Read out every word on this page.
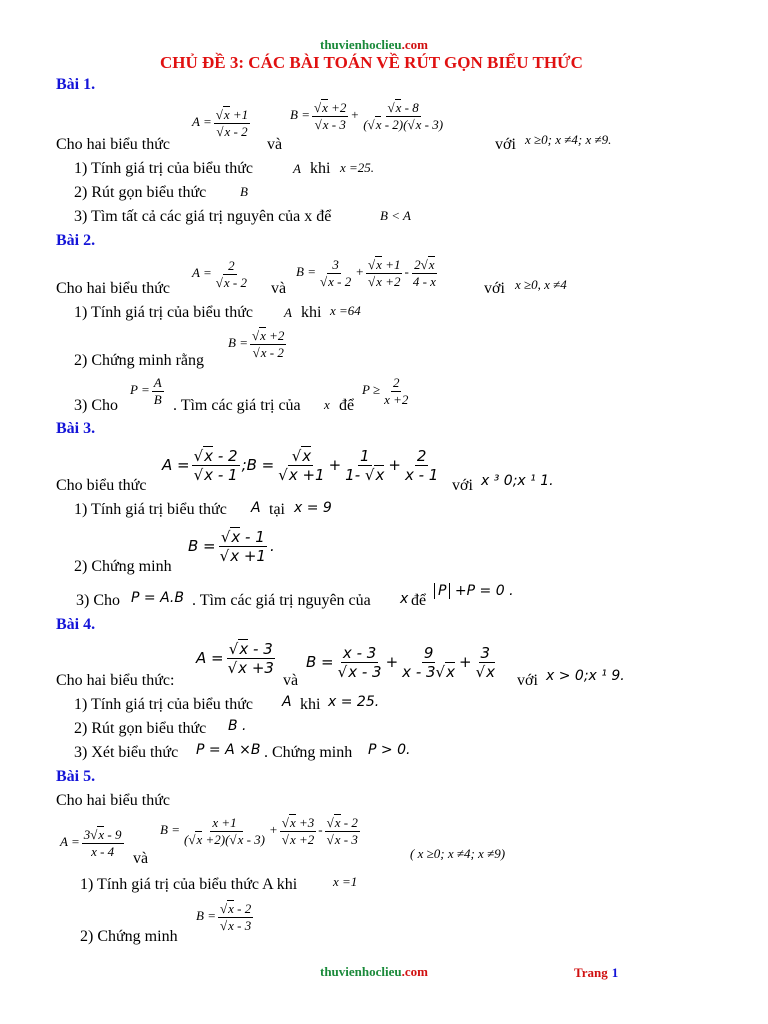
thuvienhoclieu.com
CHỦ ĐỀ 3: CÁC BÀI TOÁN VỀ RÚT GỌN BIỂU THỨC
Bài 1.
Cho hai biểu thức
$A = \frac{√x +1}{√x - 2}$
và
$B = \frac{√x +2}{√x - 3} + \frac{√x - 8}{(√x - 2)(√x - 3)}$
với x ≥0; x ≠4; x ≠9.
1) Tính giá trị của biểu thức	A khi x =25.
2) Rút gọn biểu thức	B
3) Tìm tất cả các giá trị nguyên của x để	B < A
Bài 2.
Cho hai biểu thức
$A = \frac{2}{√x - 2}$ và
$B = \frac{3}{√x - 2} + \frac{√x +1}{√x +2} - \frac{2√x}{4 - x}$	với x ≥0, x ≠4
1) Tính giá trị của biểu thức A khi x =64
2) Chứng minh rằng
$B = \frac{√x +2}{√x - 2}$
3) Cho
$P = \frac{A}{B}$ . Tìm các giá trị của x để
$P \ge \frac{2}{x +2}$
Bài 3.
Cho biểu thức
$A = \frac{√x - 2}{√x - 1}$ ;B = $\frac{√x}{√x +1} + \frac{1}{1- √x} + \frac{2}{x - 1}$
với x ³ 0;x ¹ 1.
1) Tính giá trị biểu thức A tại x = 9
2) Chứng minh
$B = \frac{√x - 1}{√x +1}$ .
3) Cho P = A.B . Tìm các giá trị nguyên của x để
P +P = 0 .
Bài 4.
Cho hai biểu thức:
$A = \frac{√x - 3}{√x +3}$
và
$B = \frac{x - 3}{√x - 3} + \frac{9}{x - 3√x} + \frac{3}{√x}$ với x > 0;x ¹ 9.
1) Tính giá trị của biểu thức A khi x = 25.
2) Rút gọn biểu thức B .
3) Xét biểu thức P = A ×B . Chứng minh P > 0.
Bài 5.
Cho hai biểu thức
$A = \frac{3√x - 9}{x - 4}$ và
$B = \frac{x +1}{(√x +2)(√x - 3)} + \frac{√x +3}{√x +2} - \frac{√x - 2}{√x - 3}$
( x ≥0; x ≠4; x ≠9)
1) Tính giá trị của biểu thức A khi	x =1
2) Chứng minh
$B = \frac{√x - 2}{√x - 3}$
thuvienhoclieu.com	Trang 1
